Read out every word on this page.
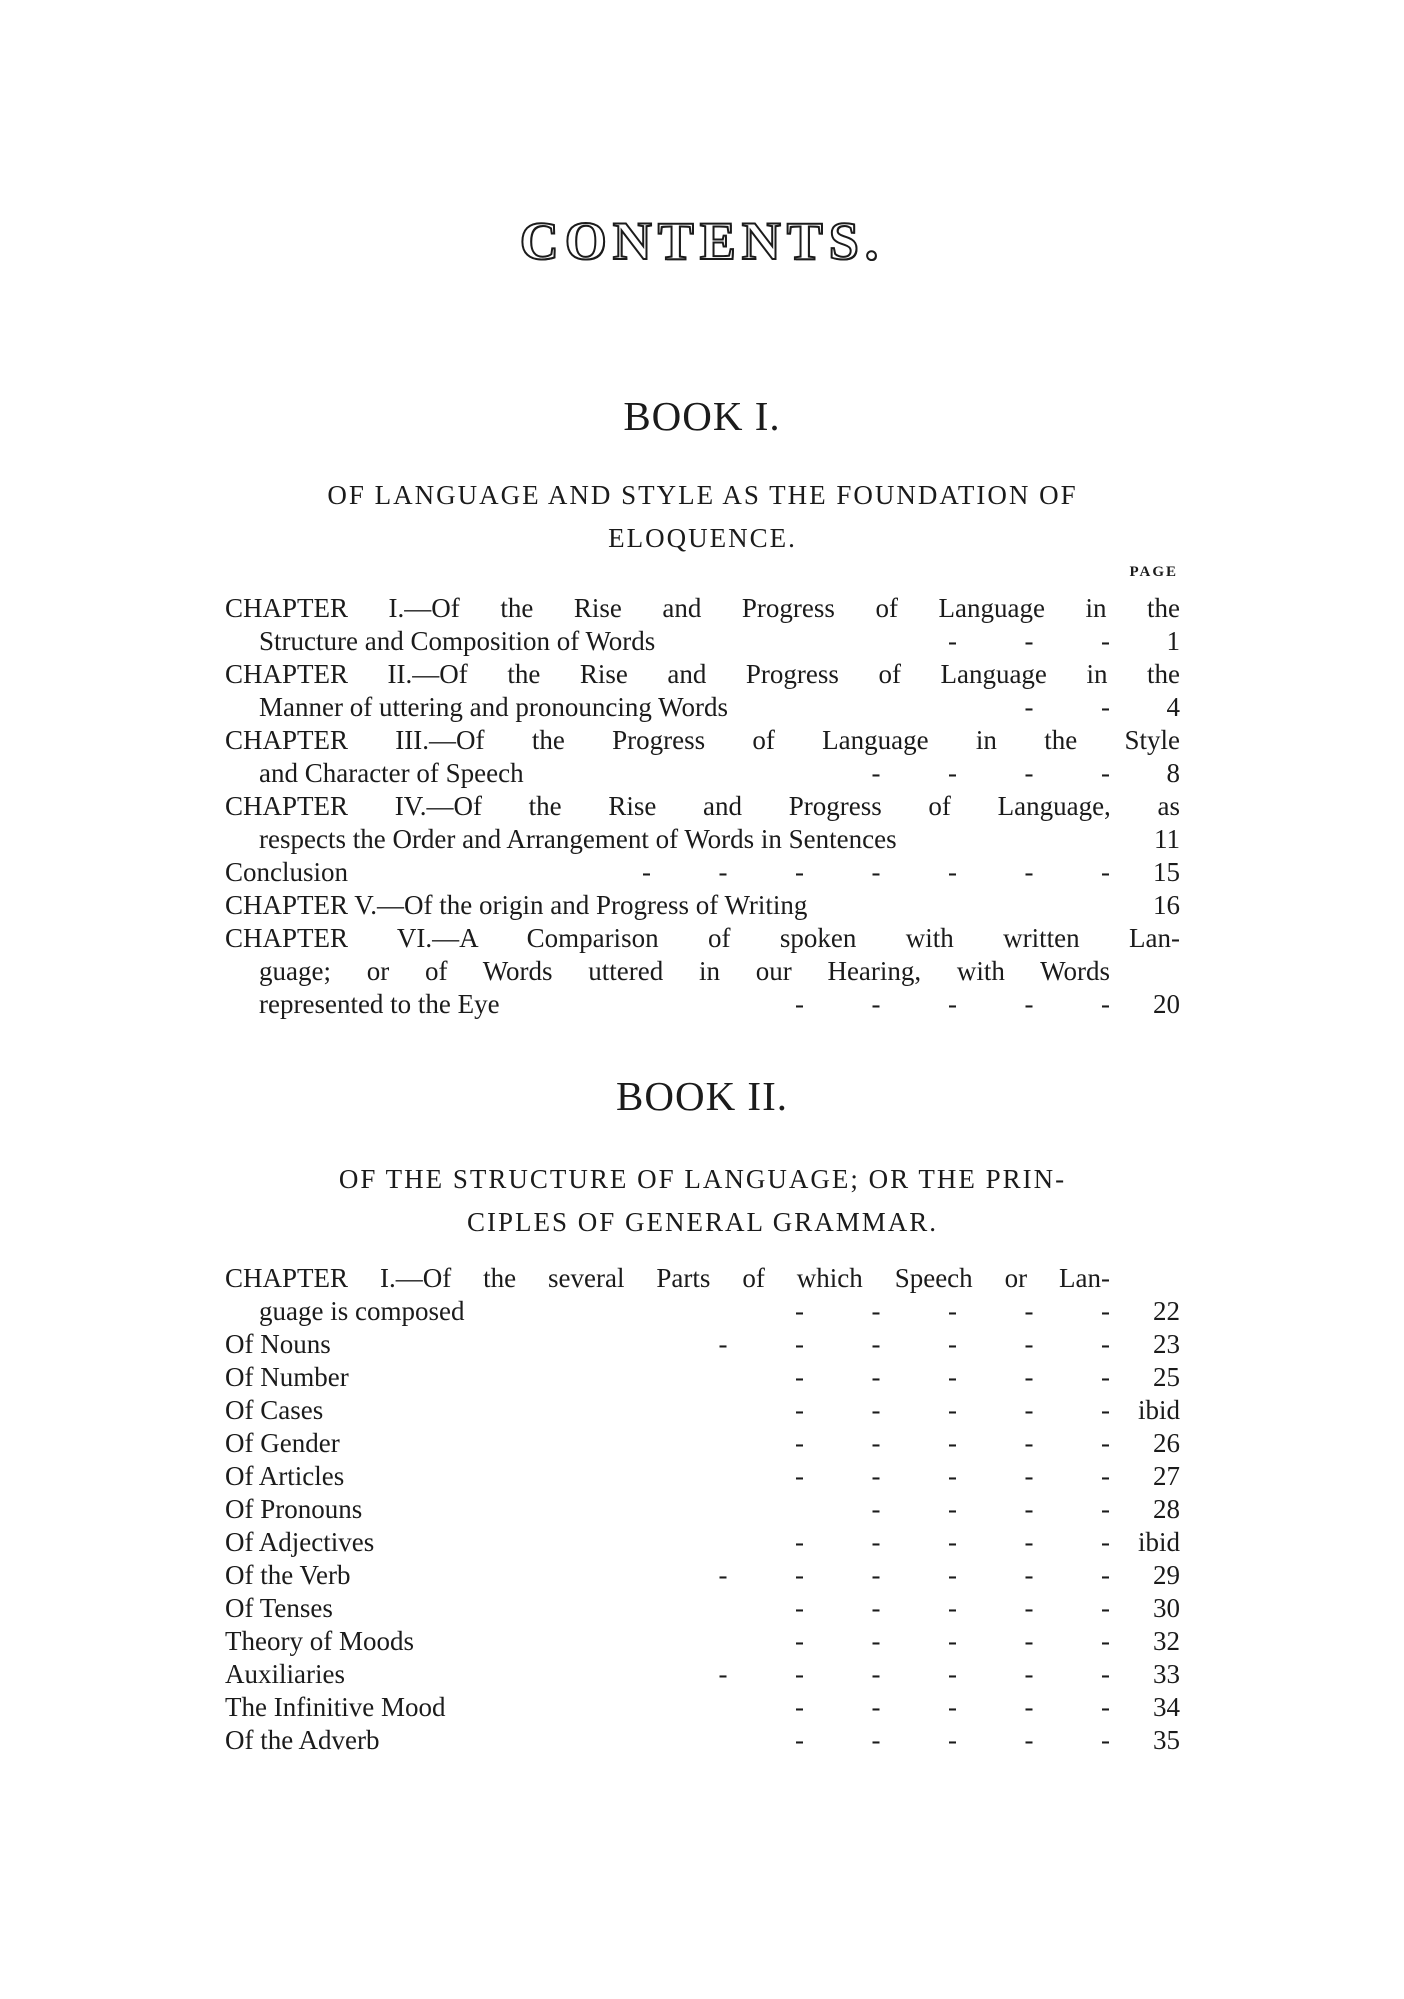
CONTENTS.
BOOK I.
OF LANGUAGE AND STYLE AS THE FOUNDATION OF
ELOQUENCE.
PAGE
CHAPTER I.—Of the Rise and Progress of Language in the
Structure and Composition of Words	-          -          -	1
CHAPTER II.—Of the Rise and Progress of Language in the
Manner of uttering and pronouncing Words	-          -	4
CHAPTER III.—Of the Progress of Language in the Style
and Character of Speech	-          -          -          -	8
CHAPTER IV.—Of the Rise and Progress of Language, as
respects the Order and Arrangement of Words in Sentences	11
Conclusion	-          -          -          -          -          -          -	15
CHAPTER V.—Of the origin and Progress of Writing	16
CHAPTER VI.—A Comparison of spoken with written Lan-
guage; or of Words uttered in our Hearing, with Words
represented to the Eye	-          -          -          -          -	20
BOOK II.
OF THE STRUCTURE OF LANGUAGE; OR THE PRIN-
CIPLES OF GENERAL GRAMMAR.
CHAPTER I.—Of the several Parts of which Speech or Lan-
guage is composed	-          -          -          -          -	22
Of Nouns	-          -          -          -          -          -	23
Of Number	-          -          -          -          -	25
Of Cases	-          -          -          -          -	ibid
Of Gender	-          -          -          -          -	26
Of Articles	-          -          -          -          -	27
Of Pronouns	-          -          -          -	28
Of Adjectives	-          -          -          -          -	ibid
Of the Verb	-          -          -          -          -          -	29
Of Tenses	-          -          -          -          -	30
Theory of Moods	-          -          -          -          -	32
Auxiliaries	-          -          -          -          -          -	33
The Infinitive Mood	-          -          -          -          -	34
Of the Adverb	-          -          -          -          -	35
